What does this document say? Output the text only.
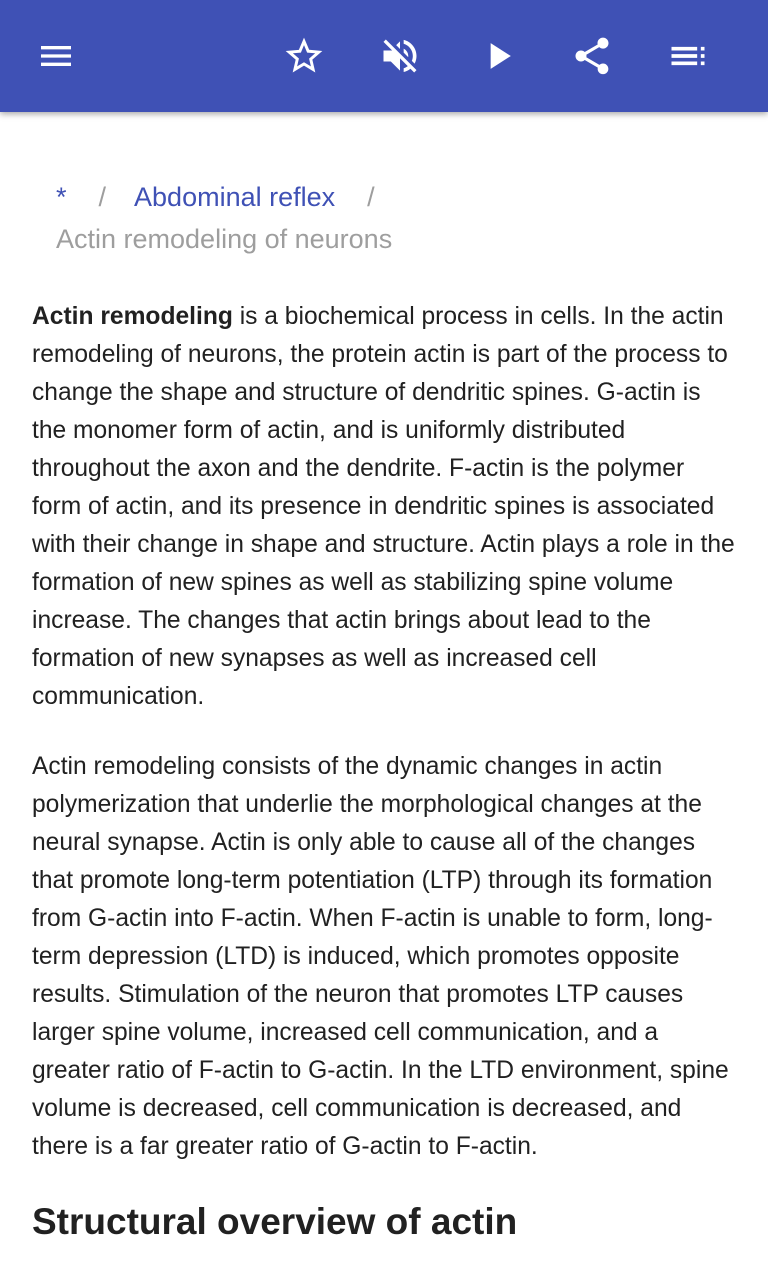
* / Abdominal reflex /
Actin remodeling of neurons

Actin remodeling is a biochemical process in cells. In the actin remodeling of neurons, the protein actin is part of the process to change the shape and structure of dendritic spines. G-actin is the monomer form of actin, and is uniformly distributed throughout the axon and the dendrite. F-actin is the polymer form of actin, and its presence in dendritic spines is associated with their change in shape and structure. Actin plays a role in the formation of new spines as well as stabilizing spine volume increase. The changes that actin brings about lead to the formation of new synapses as well as increased cell communication.

Actin remodeling consists of the dynamic changes in actin polymerization that underlie the morphological changes at the neural synapse. Actin is only able to cause all of the changes that promote long-term potentiation (LTP) through its formation from G-actin into F-actin. When F-actin is unable to form, long-term depression (LTD) is induced, which promotes opposite results. Stimulation of the neuron that promotes LTP causes larger spine volume, increased cell communication, and a greater ratio of F-actin to G-actin. In the LTD environment, spine volume is decreased, cell communication is decreased, and there is a far greater ratio of G-actin to F-actin.

Structural overview of actin
